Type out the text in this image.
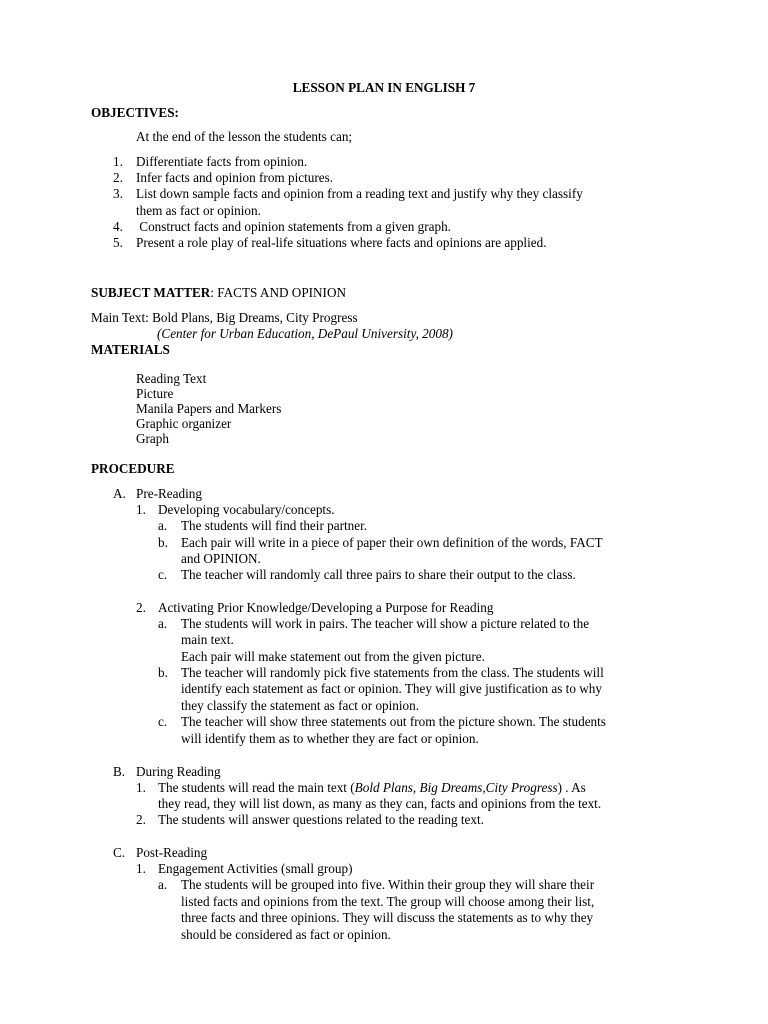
LESSON PLAN IN ENGLISH 7
OBJECTIVES:
At the end of the lesson the students can;
1. Differentiate facts from opinion.
2. Infer facts and opinion from pictures.
3. List down sample facts and opinion from a reading text and justify why they classify
them as fact or opinion.
4. Construct facts and opinion statements from a given graph.
5. Present a role play of real-life situations where facts and opinions are applied.
SUBJECT MATTER: FACTS AND OPINION
Main Text: Bold Plans, Big Dreams, City Progress
(Center for Urban Education, DePaul University, 2008)
MATERIALS
Reading Text
Picture
Manila Papers and Markers
Graphic organizer
Graph
PROCEDURE
A. Pre-Reading
1. Developing vocabulary/concepts.
a. The students will find their partner.
b. Each pair will write in a piece of paper their own definition of the words, FACT
and OPINION.
c. The teacher will randomly call three pairs to share their output to the class.
2. Activating Prior Knowledge/Developing a Purpose for Reading
a. The students will work in pairs. The teacher will show a picture related to the
main text.
Each pair will make statement out from the given picture.
b. The teacher will randomly pick five statements from the class. The students will
identify each statement as fact or opinion. They will give justification as to why
they classify the statement as fact or opinion.
c. The teacher will show three statements out from the picture shown. The students
will identify them as to whether they are fact or opinion.
B. During Reading
1. The students will read the main text (Bold Plans, Big Dreams,City Progress) . As
they read, they will list down, as many as they can, facts and opinions from the text.
2. The students will answer questions related to the reading text.
C. Post-Reading
1. Engagement Activities (small group)
a. The students will be grouped into five. Within their group they will share their
listed facts and opinions from the text. The group will choose among their list,
three facts and three opinions. They will discuss the statements as to why they
should be considered as fact or opinion.
